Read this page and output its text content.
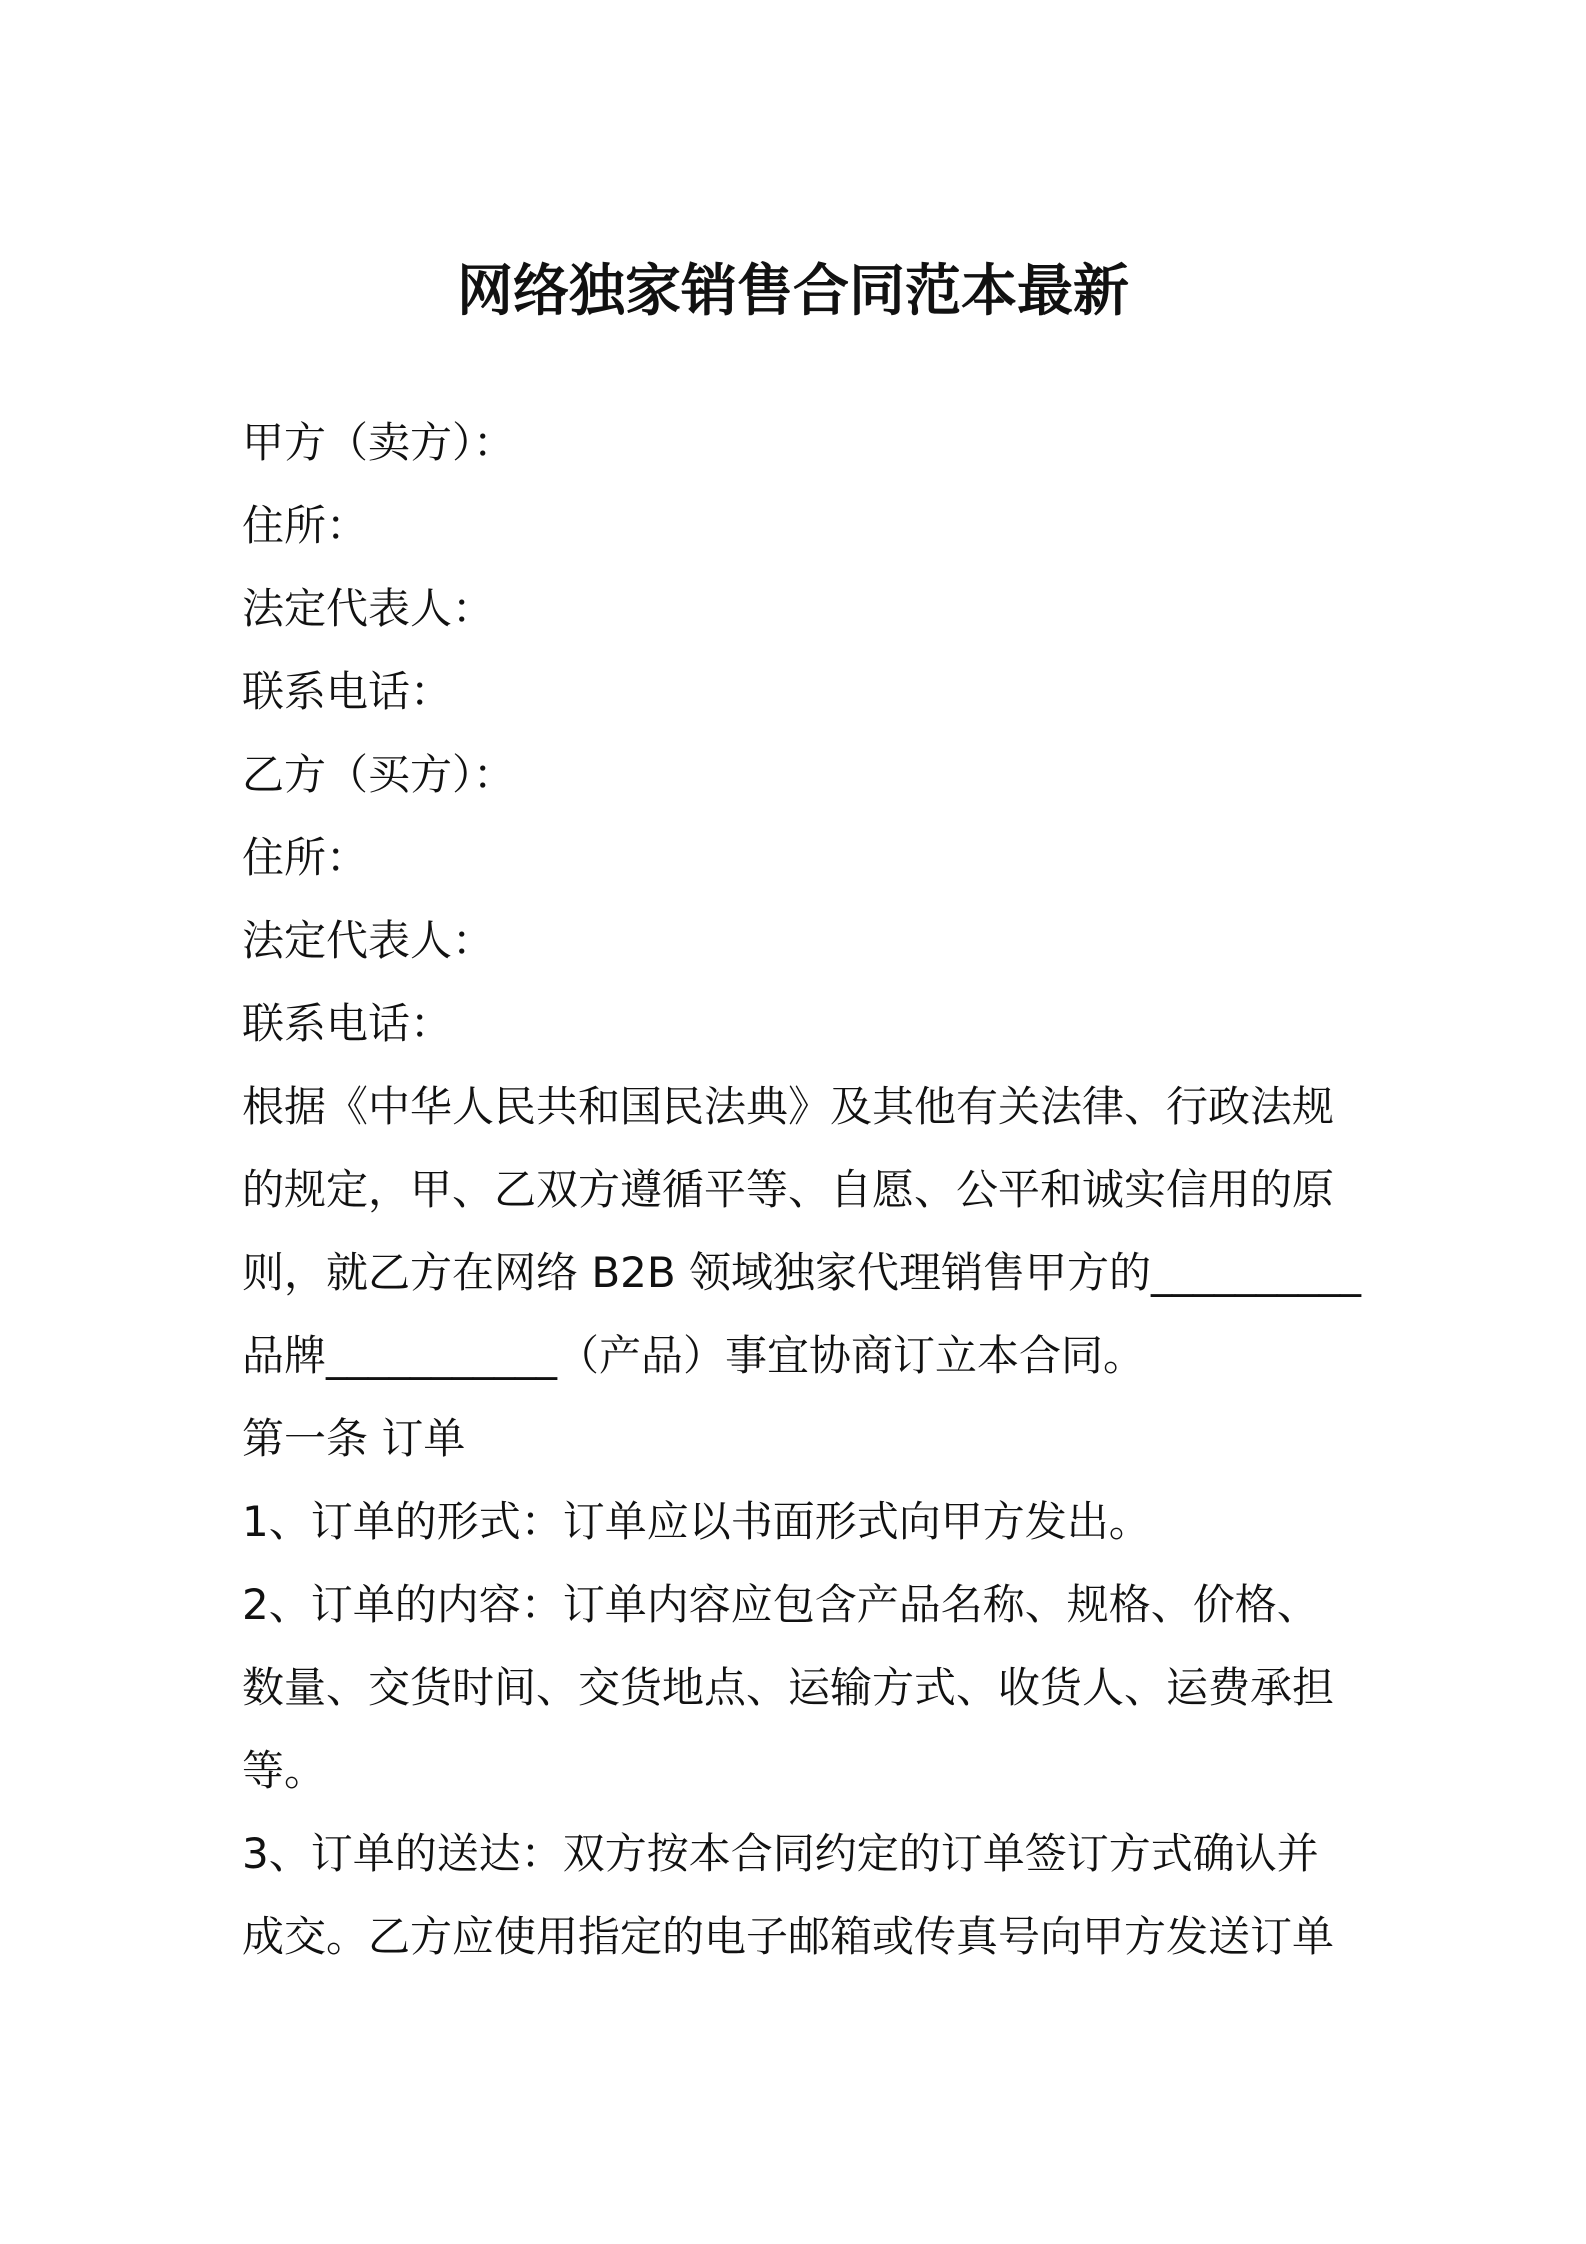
网络独家销售合同范本最新
甲方（卖方）：
住所：
法定代表人：
联系电话：
乙方（买方）：
住所：
法定代表人：
联系电话：
根据《中华人民共和国民法典》及其他有关法律、行政法规
的规定，甲、乙双方遵循平等、自愿、公平和诚实信用的原
则，就乙方在网络 B2B 领域独家代理销售甲方的__________
品牌___________（产品）事宜协商订立本合同。
第一条 订单
1、订单的形式：订单应以书面形式向甲方发出。
2、订单的内容：订单内容应包含产品名称、规格、价格、
数量、交货时间、交货地点、运输方式、收货人、运费承担
等。
3、订单的送达：双方按本合同约定的订单签订方式确认并
成交。乙方应使用指定的电子邮箱或传真号向甲方发送订单
